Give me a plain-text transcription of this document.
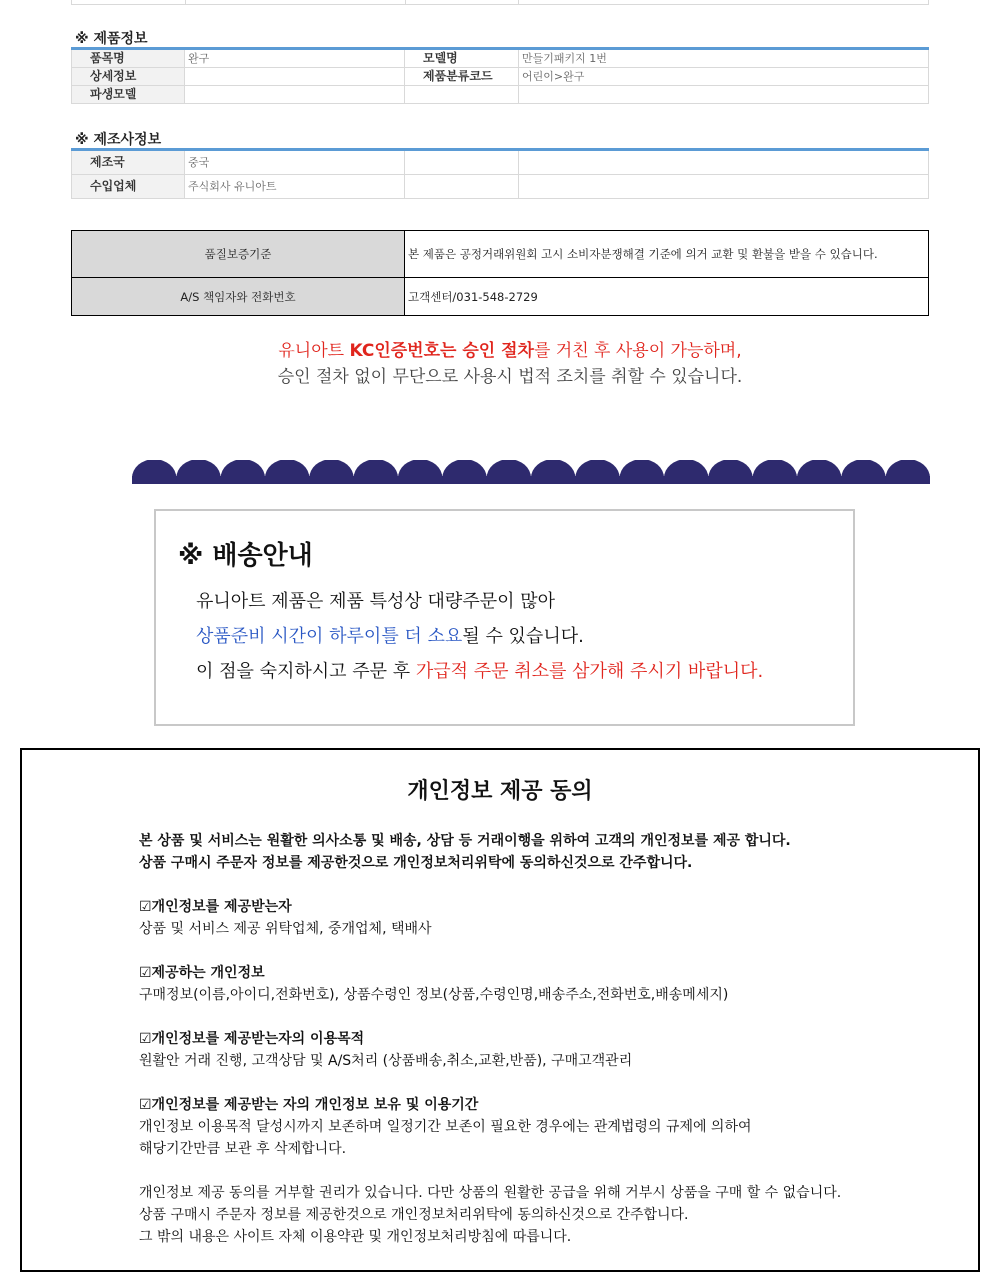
※ 제품정보
품목명	완구	모델명	만들기패키지 1번
상세정보		제품분류코드	어린이>완구
파생모델			
※ 제조사정보
제조국	중국		
수입업체	주식회사 유니아트		
품질보증기준	본 제품은 공정거래위원회 고시 소비자분쟁해결 기준에 의거 교환 및 환불을 받을 수 있습니다.
A/S 책임자와 전화번호	고객센터/031-548-2729
유니아트 KC인증번호는 승인 절차를 거친 후 사용이 가능하며,
승인 절차 없이 무단으로 사용시 법적 조치를 취할 수 있습니다.
※ 배송안내
유니아트 제품은 제품 특성상 대량주문이 많아
상품준비 시간이 하루이틀 더 소요될 수 있습니다.
이 점을 숙지하시고 주문 후 가급적 주문 취소를 삼가해 주시기 바랍니다.
개인정보 제공 동의
본 상품 및 서비스는 원활한 의사소통 및 배송, 상담 등 거래이행을 위하여 고객의 개인정보를 제공 합니다.
상품 구매시 주문자 정보를 제공한것으로 개인정보처리위탁에 동의하신것으로 간주합니다.
☑개인정보를 제공받는자
상품 및 서비스 제공 위탁업체, 중개업체, 택배사
☑제공하는 개인정보
구매정보(이름,아이디,전화번호), 상품수령인 정보(상품,수령인명,배송주소,전화번호,배송메세지)
☑개인정보를 제공받는자의 이용목적
원활안 거래 진행, 고객상담 및 A/S처리 (상품배송,취소,교환,반품), 구매고객관리
☑개인정보를 제공받는 자의 개인정보 보유 및 이용기간
개인정보 이용목적 달성시까지 보존하며 일정기간 보존이 필요한 경우에는 관계법령의 규제에 의하여
해당기간만큼 보관 후 삭제합니다.
개인정보 제공 동의를 거부할 권리가 있습니다. 다만 상품의 원활한 공급을 위해 거부시 상품을 구매 할 수 없습니다.
상품 구매시 주문자 정보를 제공한것으로 개인정보처리위탁에 동의하신것으로 간주합니다.
그 밖의 내용은 사이트 자체 이용약관 및 개인정보처리방침에 따릅니다.
